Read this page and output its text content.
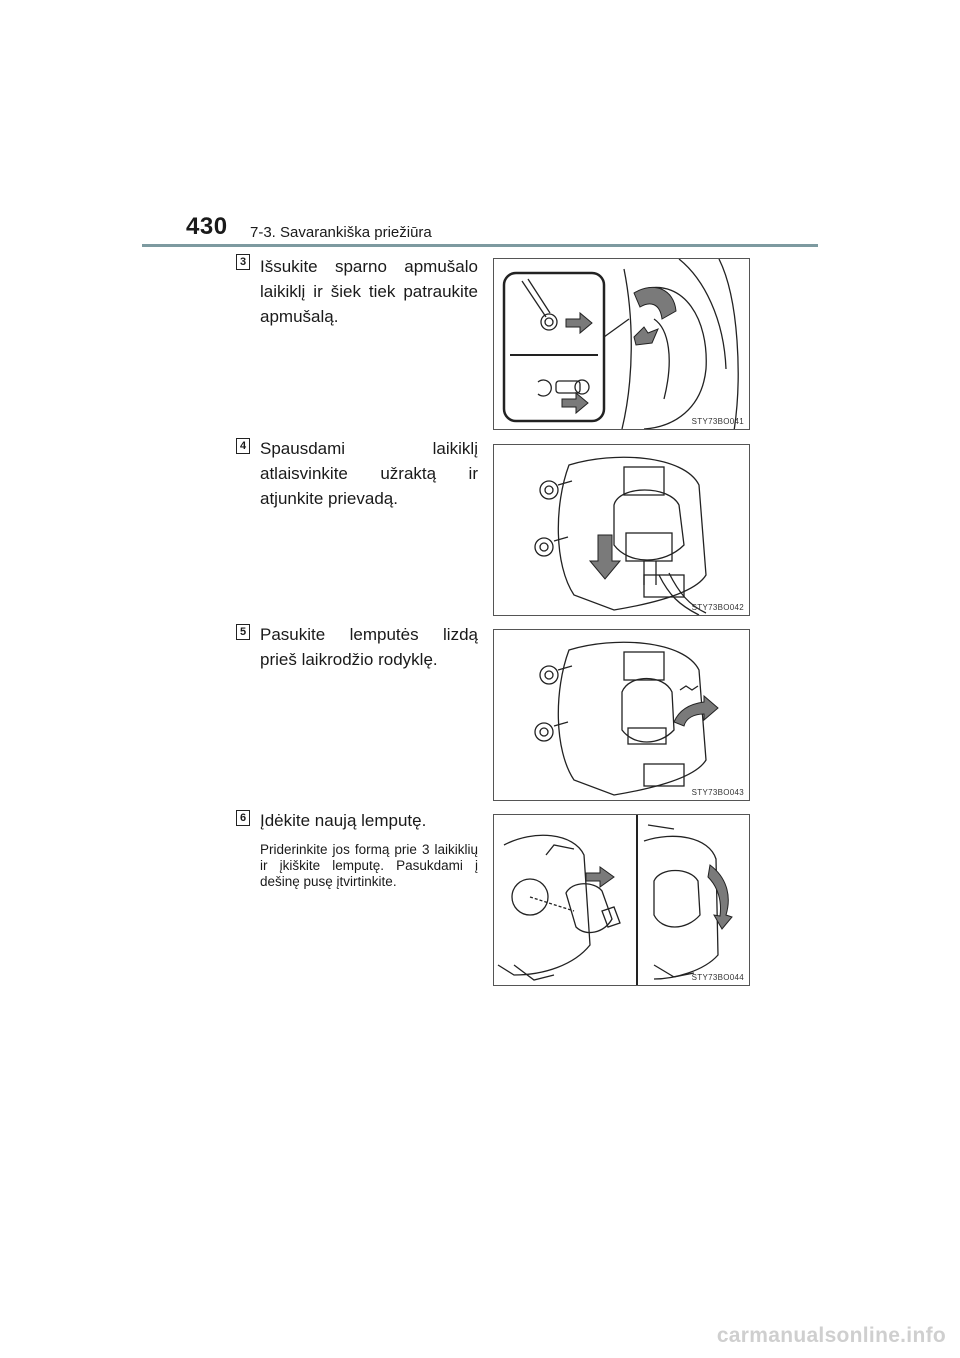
430 7-3. Savarankiška priežiūra
3 Išsukite sparno apmušalo laikiklį ir šiek tiek patraukite apmušalą.
STY73BO041
4 Spausdami laikiklį atlaisvinkite užraktą ir atjunkite prievadą.
STY73BO042
5 Pasukite lemputės lizdą prieš laikrodžio rodyklę.
STY73BO043
6 Įdėkite naują lemputę.
Priderinkite jos formą prie 3 laikiklių ir įkiškite lemputę. Pasukdami į dešinę pusę įtvirtinkite.
STY73BO044
carmanualsonline.info
